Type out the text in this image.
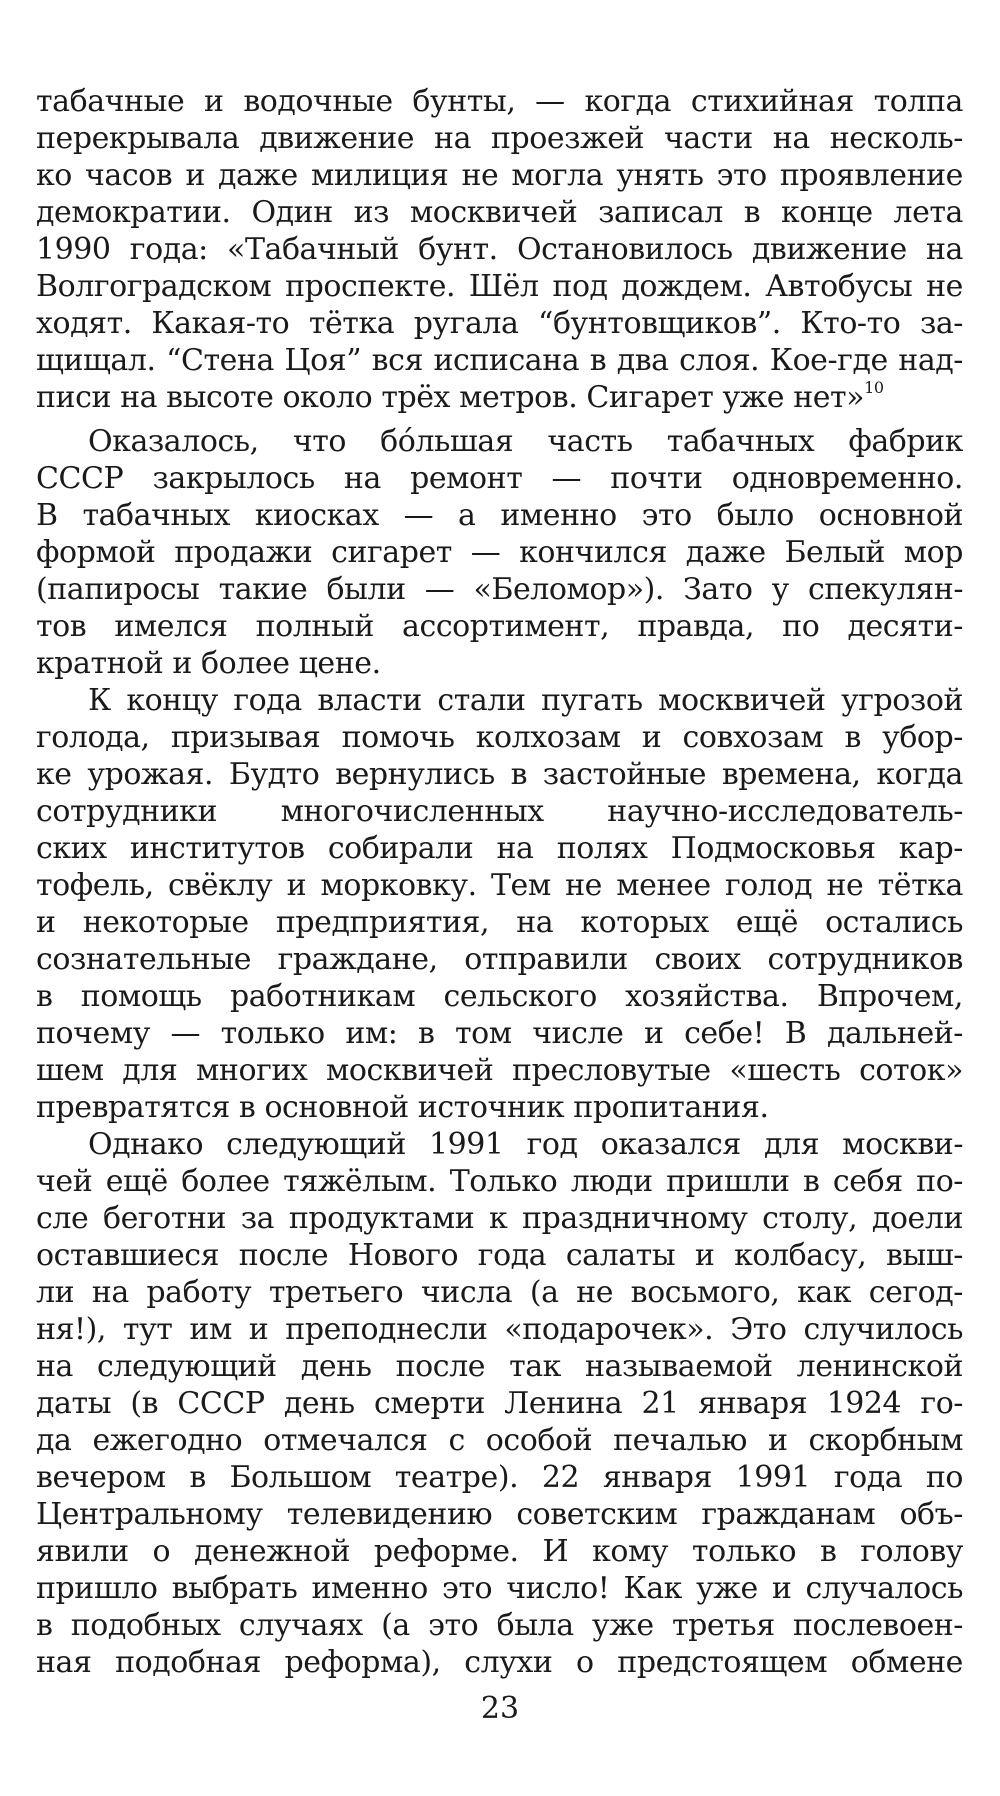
табачные и водочные бунты, — когда стихийная толпа
перекрывала движение на проезжей части на несколь-
ко часов и даже милиция не могла унять это проявление
демократии. Один из москвичей записал в конце лета
1990 года: «Табачный бунт. Остановилось движение на
Волгоградском проспекте. Шёл под дождем. Автобусы не
ходят. Какая-то тётка ругала “бунтовщиков”. Кто-то за-
щищал. “Стена Цоя” вся исписана в два слоя. Кое-где над-
писи на высоте около трёх метров. Сигарет уже нет»$^{10}$
Оказалось, что бóльшая часть табачных фабрик
СССР закрылось на ремонт — почти одновременно.
В табачных киосках — а именно это было основной
формой продажи сигарет — кончился даже Белый мор
(папиросы такие были — «Беломор»). Зато у спекулян-
тов имелся полный ассортимент, правда, по десяти-
кратной и более цене.
К концу года власти стали пугать москвичей угрозой
голода, призывая помочь колхозам и совхозам в убор-
ке урожая. Будто вернулись в застойные времена, когда
сотрудники многочисленных научно-исследователь-
ских институтов собирали на полях Подмосковья кар-
тофель, свёклу и морковку. Тем не менее голод не тётка
и некоторые предприятия, на которых ещё остались
сознательные граждане, отправили своих сотрудников
в помощь работникам сельского хозяйства. Впрочем,
почему — только им: в том числе и себе! В дальней-
шем для многих москвичей пресловутые «шесть соток»
превратятся в основной источник пропитания.
Однако следующий 1991 год оказался для москви-
чей ещё более тяжёлым. Только люди пришли в себя по-
сле беготни за продуктами к праздничному столу, доели
оставшиеся после Нового года салаты и колбасу, выш-
ли на работу третьего числа (а не восьмого, как сегод-
ня!), тут им и преподнесли «подарочек». Это случилось
на следующий день после так называемой ленинской
даты (в СССР день смерти Ленина 21 января 1924 го-
да ежегодно отмечался с особой печалью и скорбным
вечером в Большом театре). 22 января 1991 года по
Центральному телевидению советским гражданам объ-
явили о денежной реформе. И кому только в голову
пришло выбрать именно это число! Как уже и случалось
в подобных случаях (а это была уже третья послевоен-
ная подобная реформа), слухи о предстоящем обмене
23
